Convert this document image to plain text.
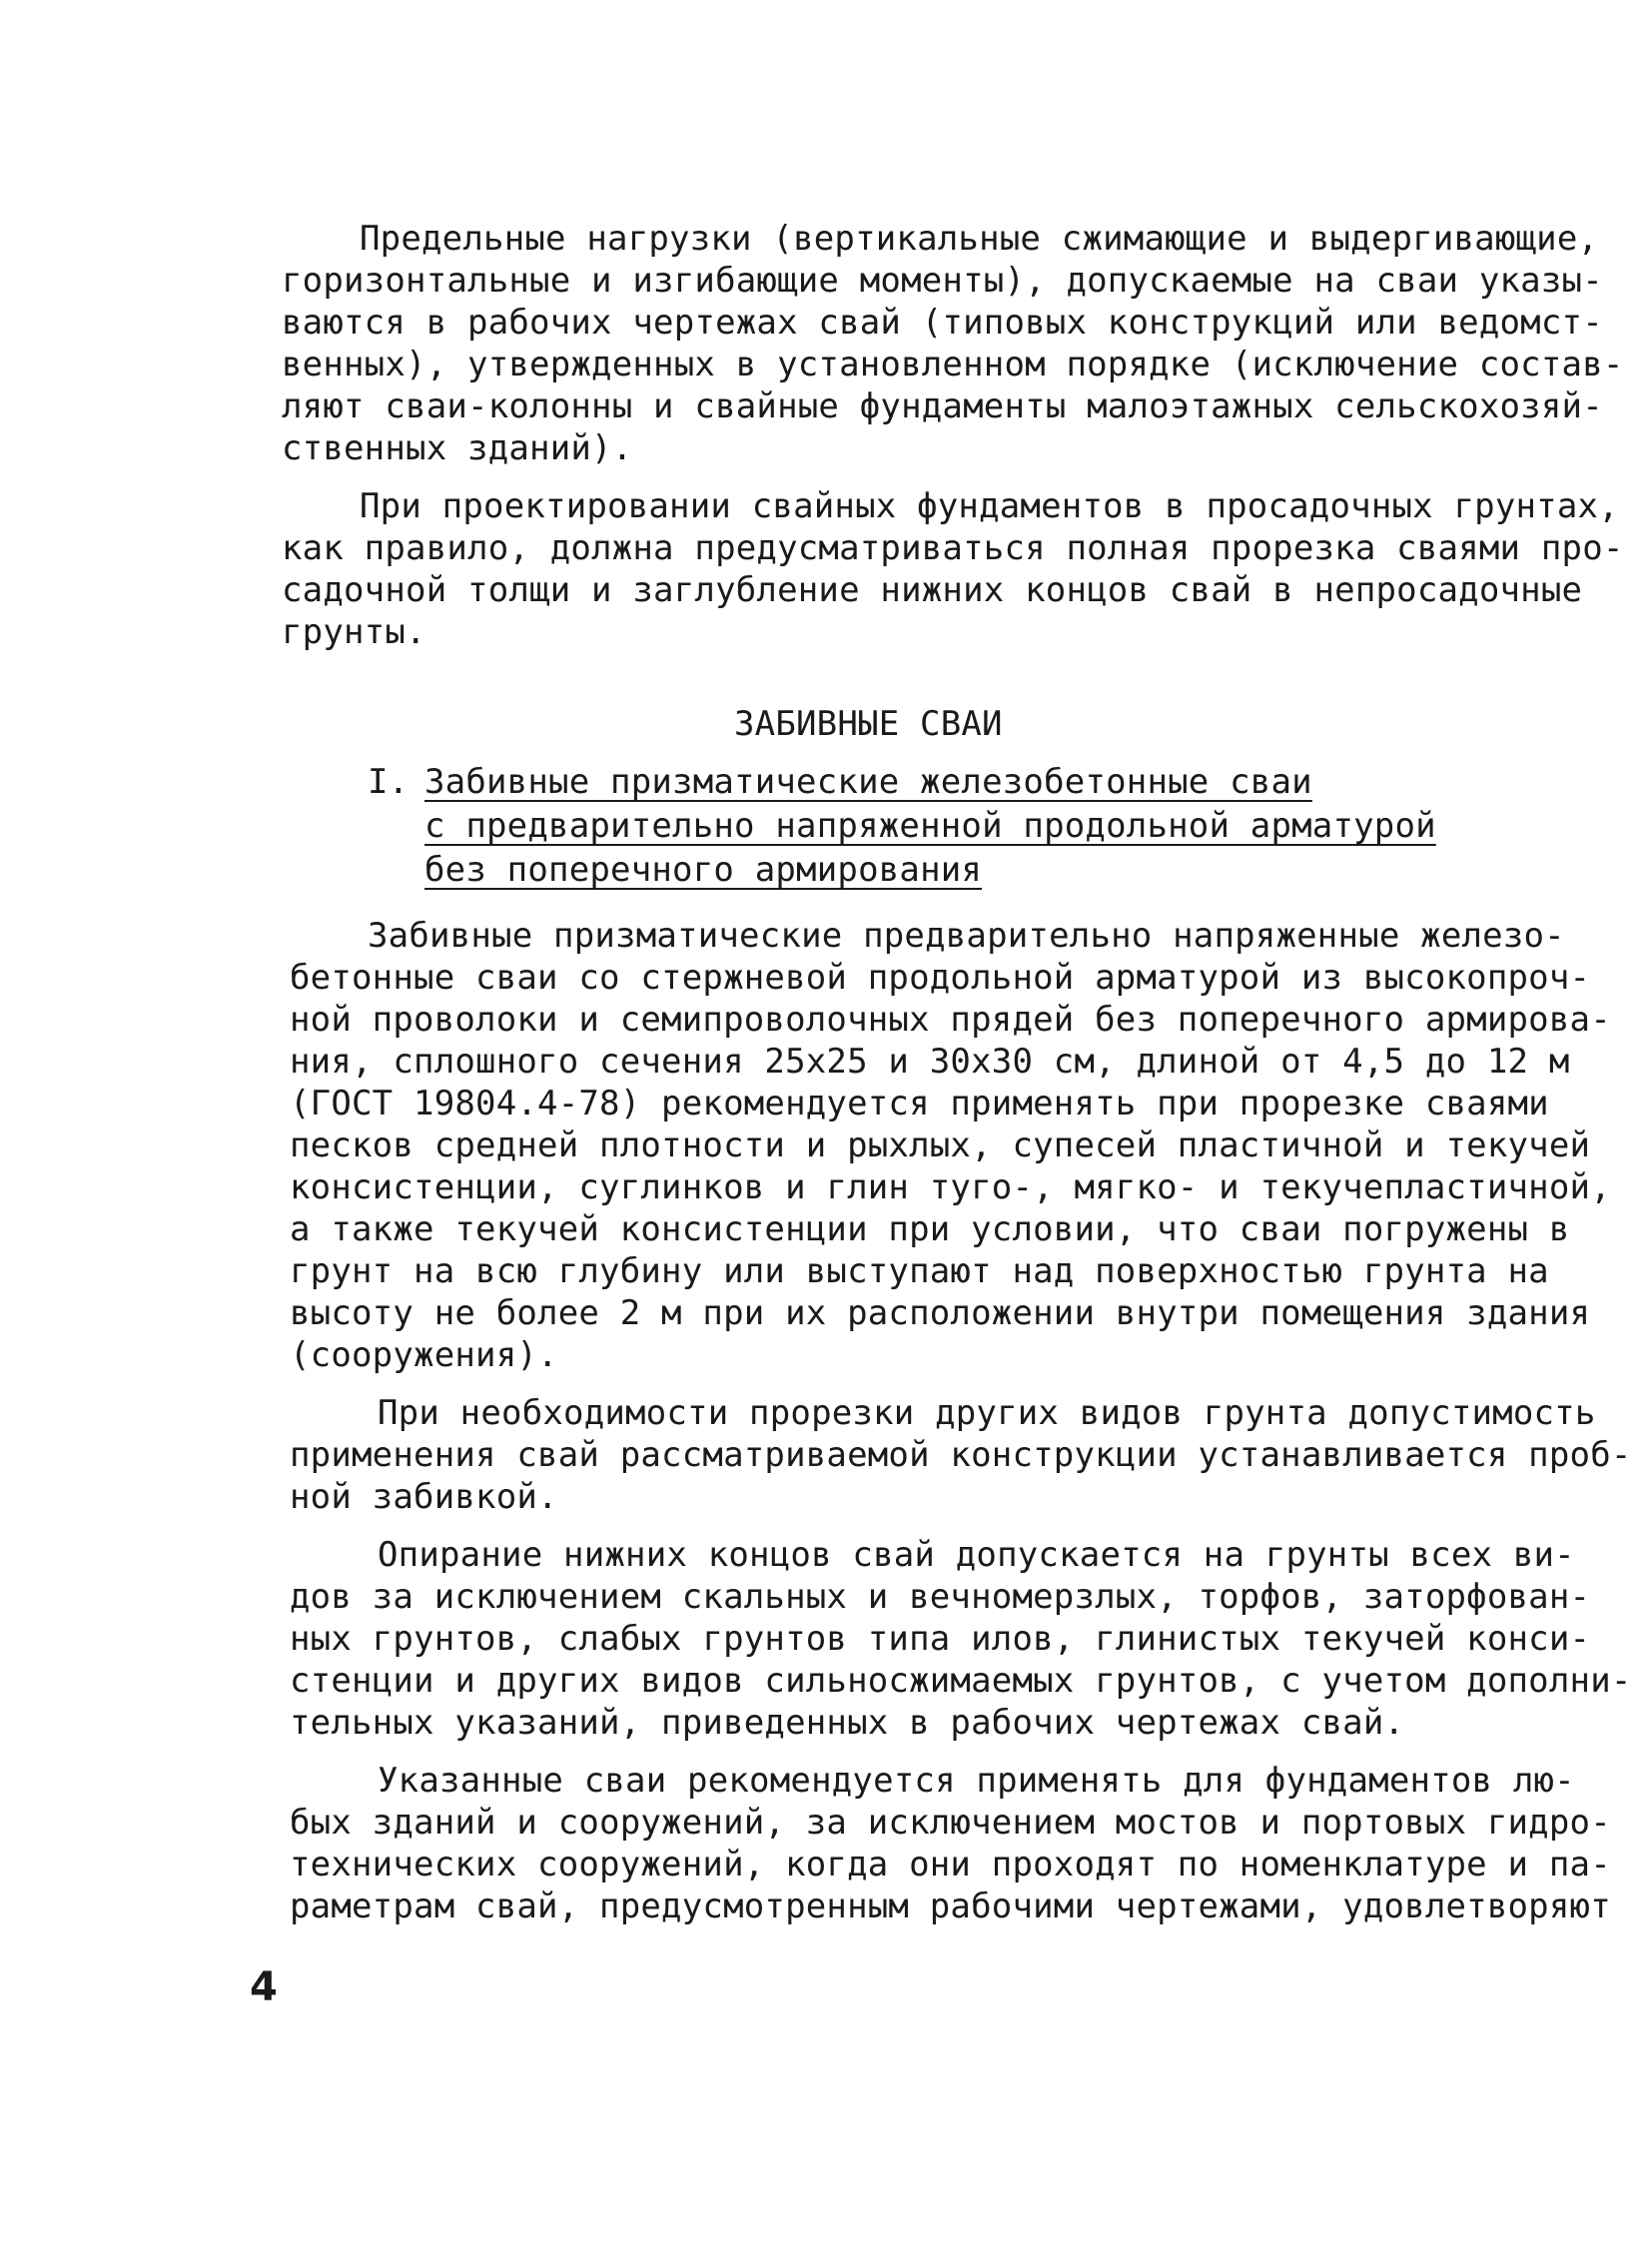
Предельные нагрузки (вертикальные сжимающие и выдергивающие,
горизонтальные и изгибающие моменты), допускаемые на сваи указы-
ваются в рабочих чертежах свай (типовых конструкций или ведомст-
венных), утвержденных в установленном порядке (исключение состав-
ляют сваи-колонны и свайные фундаменты малоэтажных сельскохозяй-
ственных зданий).
При проектировании свайных фундаментов в просадочных грунтах,
как правило, должна предусматриваться полная прорезка сваями про-
садочной толщи и заглубление нижних концов свай в непросадочные
грунты.
ЗАБИВНЫЕ СВАИ
I. Забивные призматические железобетонные сваи
с предварительно напряженной продольной арматурой
без поперечного армирования
Забивные призматические предварительно напряженные железо-
бетонные сваи со стержневой продольной арматурой из высокопроч-
ной проволоки и семипроволочных прядей без поперечного армирова-
ния, сплошного сечения 25х25 и 30х30 см, длиной от 4,5 до 12 м
(ГОСТ 19804.4-78) рекомендуется применять при прорезке сваями
песков средней плотности и рыхлых, супесей пластичной и текучей
консистенции, суглинков и глин туго-, мягко- и текучепластичной,
а также текучей консистенции при условии, что сваи погружены в
грунт на всю глубину или выступают над поверхностью грунта на
высоту не более 2 м при их расположении внутри помещения здания
(сооружения).
При необходимости прорезки других видов грунта допустимость
применения свай рассматриваемой конструкции устанавливается проб-
ной забивкой.
Опирание нижних концов свай допускается на грунты всех ви-
дов за исключением скальных и вечномерзлых, торфов, заторфован-
ных грунтов, слабых грунтов типа илов, глинистых текучей конси-
стенции и других видов сильносжимаемых грунтов, с учетом дополни-
тельных указаний, приведенных в рабочих чертежах свай.
Указанные сваи рекомендуется применять для фундаментов лю-
бых зданий и сооружений, за исключением мостов и портовых гидро-
технических сооружений, когда они проходят по номенклатуре и па-
раметрам свай, предусмотренным рабочими чертежами, удовлетворяют
4
